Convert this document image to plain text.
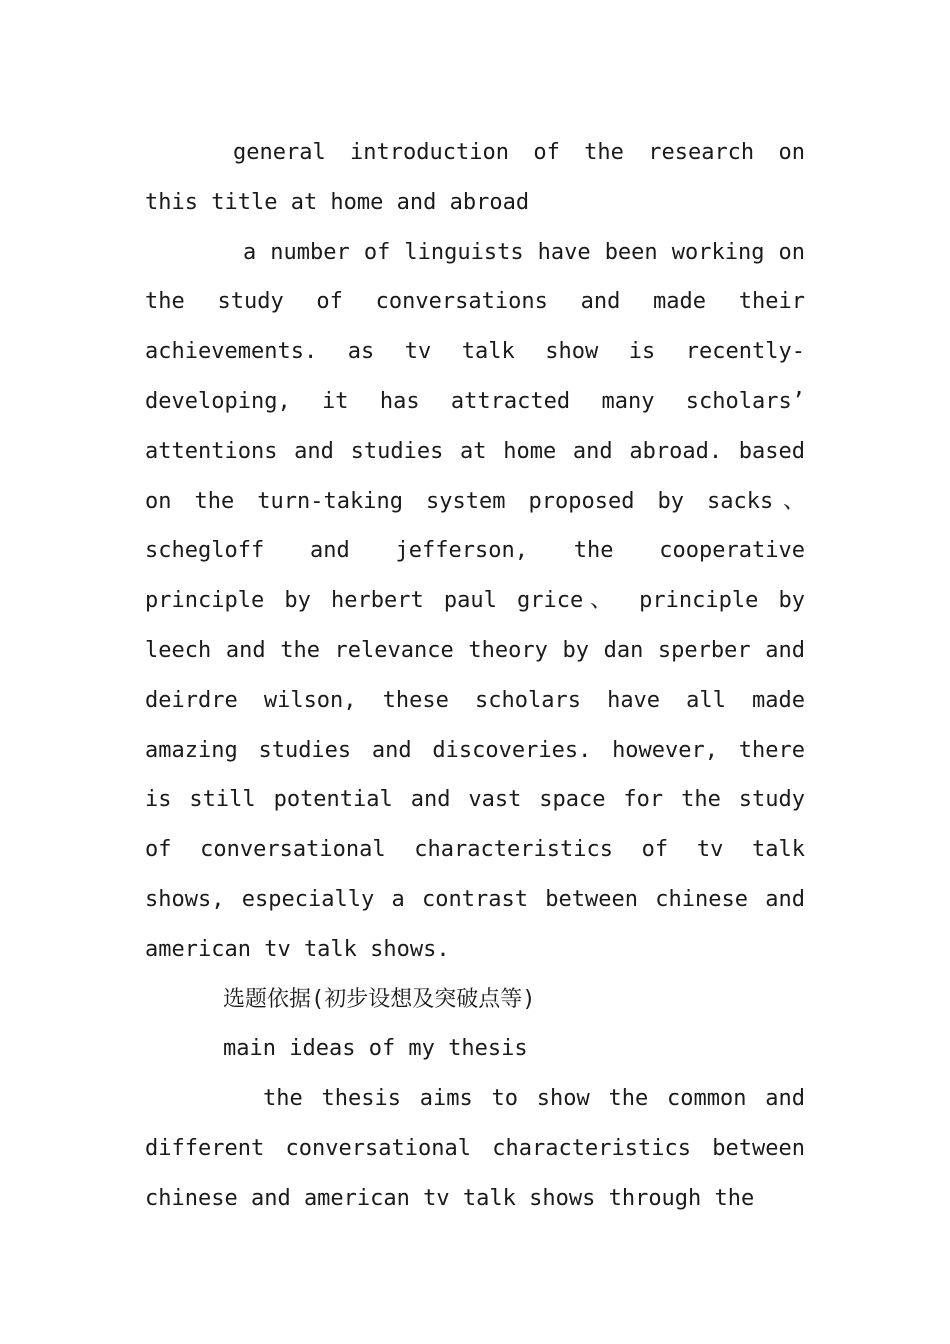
general introduction of the research on this title at home and abroad

a number of linguists have been working on the study of conversations and made their achievements. as tv talk show is recently-developing, it has attracted many scholars’ attentions and studies at home and abroad. based on the turn-taking system proposed by sacks、schegloff and jefferson, the cooperative principle by herbert paul grice、 principle by leech and the relevance theory by dan sperber and deirdre wilson, these scholars have all made amazing studies and discoveries. however, there is still potential and vast space for the study of conversational characteristics of tv talk shows, especially a contrast between chinese and american tv talk shows.

选题依据(初步设想及突破点等)

main ideas of my thesis

the thesis aims to show the common and different conversational characteristics between chinese and american tv talk shows through the
